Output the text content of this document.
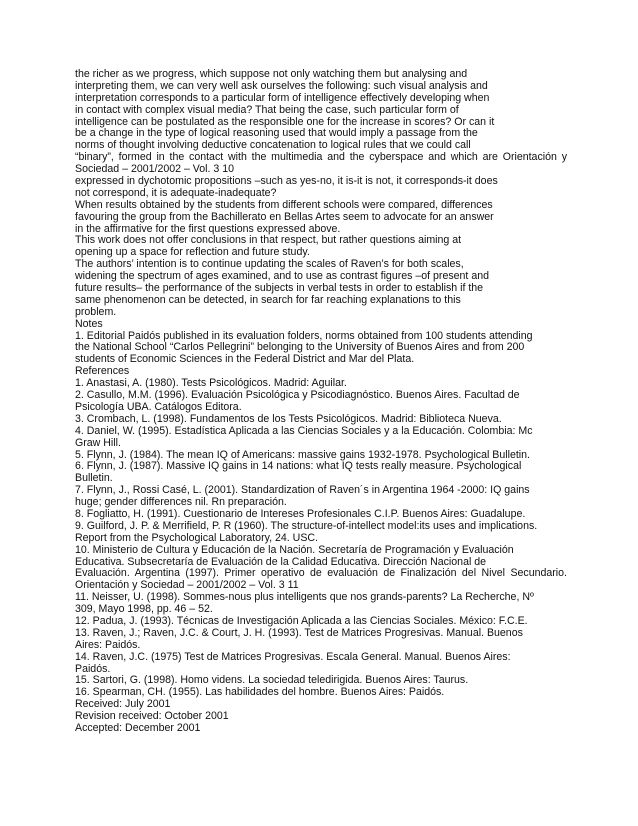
the richer as we progress, which suppose not only watching them but analysing and
interpreting them, we can very well ask ourselves the following: such visual analysis and
interpretation corresponds to a particular form of intelligence effectively developing when
in contact with complex visual media? That being the case, such particular form of
intelligence can be postulated as the responsible one for the increase in scores? Or can it
be a change in the type of logical reasoning used that would imply a passage from the
norms of thought involving deductive concatenation to logical rules that we could call
“binary”, formed in the contact with the multimedia and the cyberspace and which are Orientación y
Sociedad – 2001/2002 – Vol. 3 10
expressed in dychotomic propositions –such as yes-no, it is-it is not, it corresponds-it does
not correspond, it is adequate-inadequate?
When results obtained by the students from different schools were compared, differences
favouring the group from the Bachillerato en Bellas Artes seem to advocate for an answer
in the affirmative for the first questions expressed above.
This work does not offer conclusions in that respect, but rather questions aiming at
opening up a space for reflection and future study.
The authors’ intention is to continue updating the scales of Raven’s for both scales,
widening the spectrum of ages examined, and to use as contrast figures –of present and
future results– the performance of the subjects in verbal tests in order to establish if the
same phenomenon can be detected, in search for far reaching explanations to this
problem.
Notes
1. Editorial Paidós published in its evaluation folders, norms obtained from 100 students attending
the National School “Carlos Pellegrini” belonging to the University of Buenos Aires and from 200
students of Economic Sciences in the Federal District and Mar del Plata.
References
1. Anastasi, A. (1980). Tests Psicológicos. Madrid: Aguilar.
2. Casullo, M.M. (1996). Evaluación Psicológica y Psicodiagnóstico. Buenos Aires. Facultad de
Psicología UBA. Catálogos Editora.
3. Crombach, L. (1998). Fundamentos de los Tests Psicológicos. Madrid: Biblioteca Nueva.
4. Daniel, W. (1995). Estadística Aplicada a las Ciencias Sociales y a la Educación. Colombia: Mc
Graw Hill.
5. Flynn, J. (1984). The mean IQ of Americans: massive gains 1932-1978. Psychological Bulletin.
6. Flynn, J. (1987). Massive IQ gains in 14 nations: what IQ tests really measure. Psychological
Bulletin.
7. Flynn, J., Rossi Casé, L. (2001). Standardization of Raven´s in Argentina 1964 -2000: IQ gains
huge; gender differences nil. Rn preparación.
8. Fogliatto, H. (1991). Cuestionario de Intereses Profesionales C.I.P. Buenos Aires: Guadalupe.
9. Guilford, J. P. & Merrifield, P. R (1960). The structure-of-intellect model:its uses and implications.
Report from the Psychological Laboratory, 24. USC.
10. Ministerio de Cultura y Educación de la Nación. Secretaría de Programación y Evaluación
Educativa. Subsecretaría de Evaluación de la Calidad Educativa. Dirección Nacional de
Evaluación. Argentina (1997). Primer operativo de evaluación de Finalización del Nivel Secundario.
Orientación y Sociedad – 2001/2002 – Vol. 3 11
11. Neisser, U. (1998). Sommes-nous plus intelligents que nos grands-parents? La Recherche, Nº
309, Mayo 1998, pp. 46 – 52.
12. Padua, J. (1993). Técnicas de Investigación Aplicada a las Ciencias Sociales. México: F.C.E.
13. Raven, J.; Raven, J.C. & Court, J. H. (1993). Test de Matrices Progresivas. Manual. Buenos
Aires: Paidós.
14. Raven, J.C. (1975) Test de Matrices Progresivas. Escala General. Manual. Buenos Aires:
Paidós.
15. Sartori, G. (1998). Homo videns. La sociedad teledirigida. Buenos Aires: Taurus.
16. Spearman, CH. (1955). Las habilidades del hombre. Buenos Aires: Paidós.
Received: July 2001
Revision received: October 2001
Accepted: December 2001
